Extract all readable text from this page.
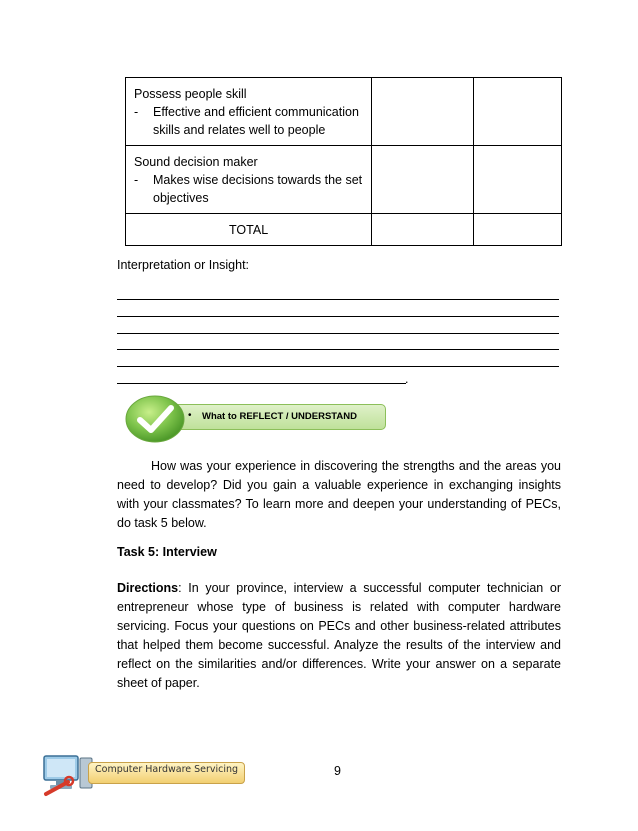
Possess people skill
- Effective and efficient communication skills and relates well to people		

Sound decision maker
- Makes wise decisions towards the set objectives		

TOTAL		

Interpretation or Insight:
.
• What to REFLECT / UNDERSTAND
How was your experience in discovering the strengths and the areas you need to develop? Did you gain a valuable experience in exchanging insights with your classmates? To learn more and deepen your understanding of PECs, do task 5 below.
Task 5: Interview
Directions: In your province, interview a successful computer technician or entrepreneur whose type of business is related with computer hardware servicing. Focus your questions on PECs and other business-related attributes that helped them become successful. Analyze the results of the interview and reflect on the similarities and/or differences. Write your answer on a separate sheet of paper.
Computer Hardware Servicing	9
